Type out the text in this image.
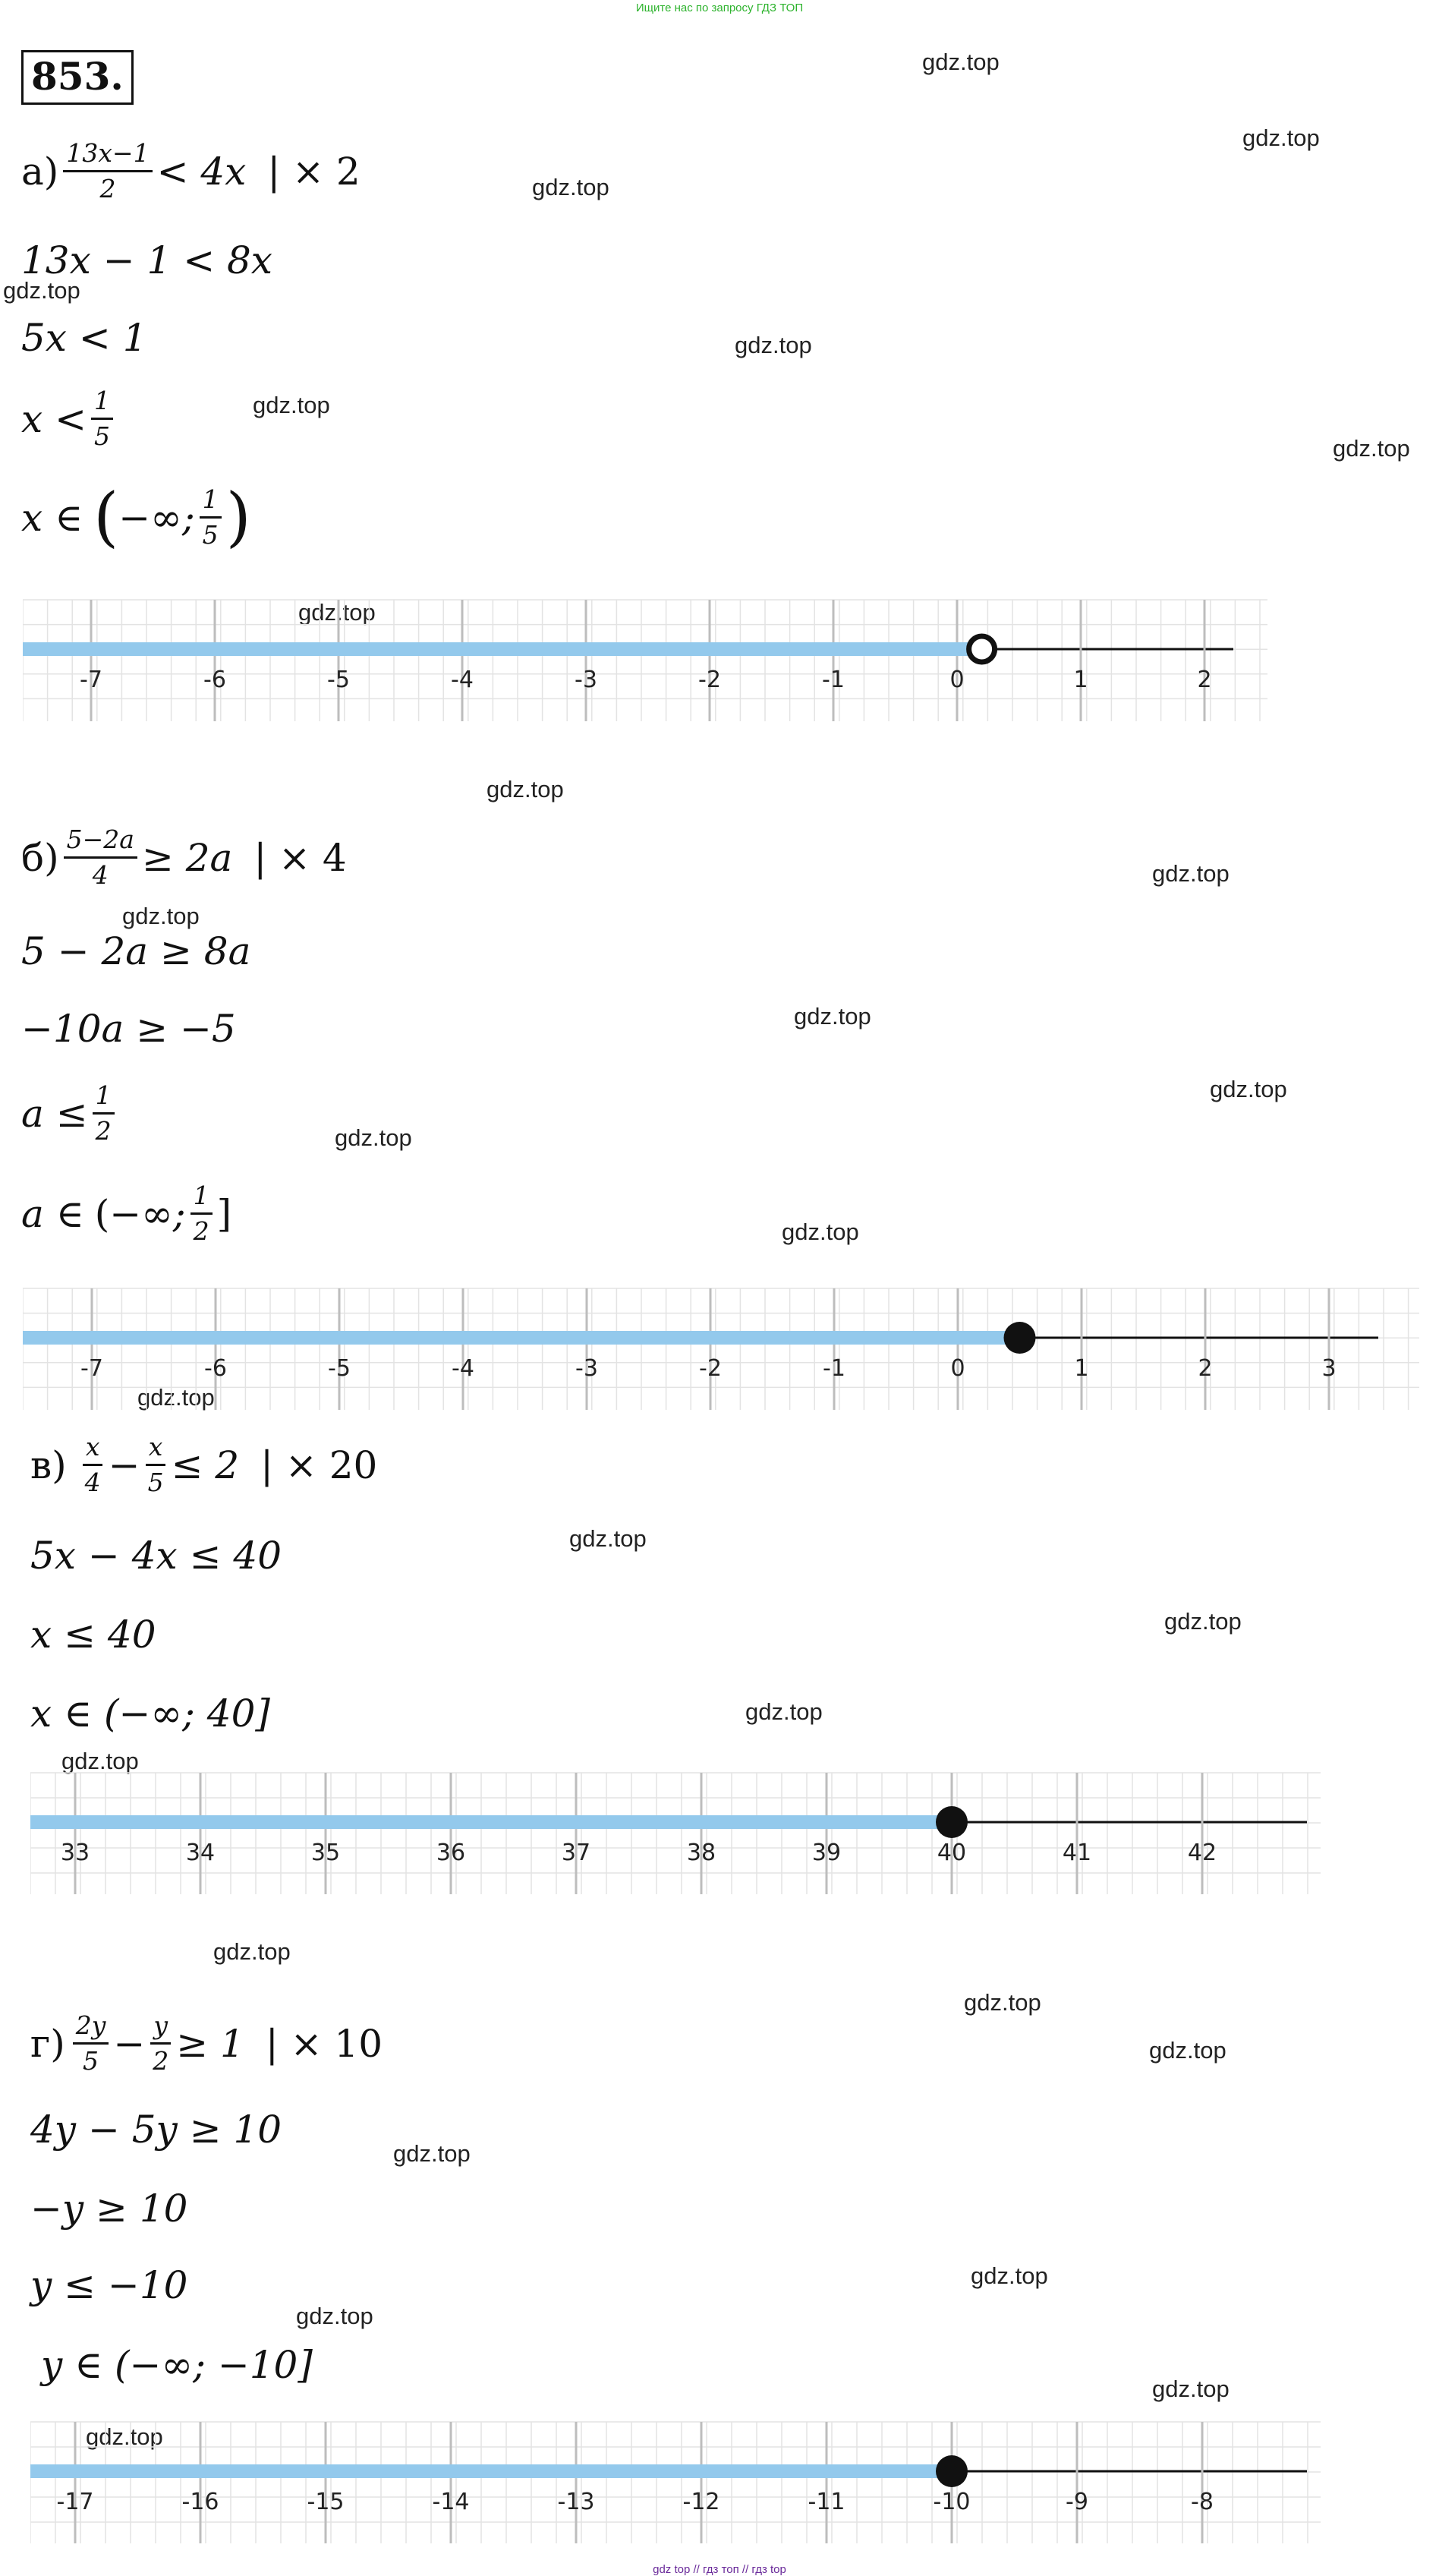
Ищите нас по запросу ГДЗ ТОП
gdz top // гдз топ // гдз top
853.	gdz.top
gdz.top
gdz.top
gdz.top
gdz.top
gdz.top
gdz.top
gdz.top
gdz.top
gdz.top
gdz.top
gdz.top
gdz.top
gdz.top
gdz.top
gdz.top
gdz.top
gdz.top
gdz.top
gdz.top
gdz.top
gdz.top
gdz.top
gdz.top
gdz.top
gdz.top
gdz.top
gdz.top
$а) \frac{13x-1}{2} < 4x$ | × 2
13x − 1 < 8x
5x < 1
$x < \frac{1}{5}$
x ∈ ( −∞; $\frac{1}{5}$ )
-7	-6	-5	-4	-3	-2	-1	0	1	2
$б) \frac{5-2a}{4} \ge 2a$ | × 4
5 − 2a ≥ 8a
−10a ≥ −5
$a \le \frac{1}{2}$
a ∈ ( −∞; $\frac{1}{2}$ ]
-7	-6	-5	-4	-3	-2	-1	0	1	2	3
$в) \frac{x}{4} - \frac{x}{5} \le 2$ | × 20
5x − 4x ≤ 40
x ≤ 40
x ∈ (−∞; 40]
33	34	35	36	37	38	39	40	41	42
$г) \frac{2y}{5} - \frac{y}{2} \ge 1$ | × 10
4y − 5y ≥ 10
−y ≥ 10
y ≤ −10
y ∈ (−∞; −10]
-17	-16	-15	-14	-13	-12	-11	-10	-9	-8
